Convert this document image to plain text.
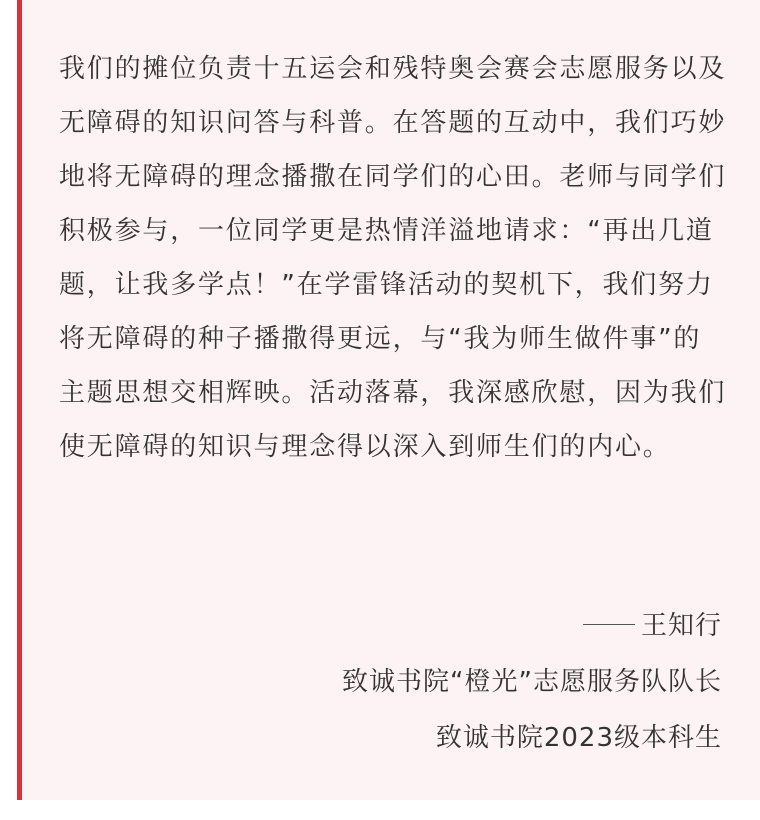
我们的摊位负责十五运会和残特奥会赛会志愿服务以及无障碍的知识问答与科普。在答题的互动中，我们巧妙地将无障碍的理念播撒在同学们的心田。老师与同学们积极参与，一位同学更是热情洋溢地请求：“再出几道题，让我多学点！”在学雷锋活动的契机下，我们努力将无障碍的种子播撒得更远，与“我为师生做件事”的主题思想交相辉映。活动落幕，我深感欣慰，因为我们使无障碍的知识与理念得以深入到师生们的内心。

王知行
致诚书院“橙光”志愿服务队队长
致诚书院2023级本科生
